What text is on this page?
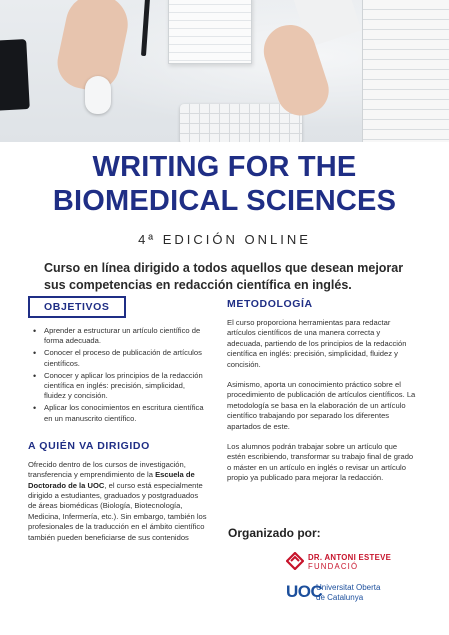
WRITING FOR THE
BIOMEDICAL SCIENCES
4ª EDICIÓN ONLINE

Curso en línea dirigido a todos aquellos que desean mejorar sus competencias en redacción científica en inglés.

OBJETIVOS
• Aprender a estructurar un artículo científico de forma adecuada.
• Conocer el proceso de publicación de artículos científicos.
• Conocer y aplicar los principios de la redacción científica en inglés: precisión, simplicidad, fluidez y concisión.
• Aplicar los conocimientos en escritura científica en un manuscrito científico.
A QUIÉN VA DIRIGIDO

Ofrecido dentro de los cursos de investigación, transferencia y emprendimiento de la Escuela de Doctorado de la UOC, el curso está especialmente dirigido a estudiantes, graduados y postgraduados de áreas biomédicas (Biología, Biotecnología, Medicina, Infermería, etc.). Sin embargo, también los profesionales de la traducción en el ámbito científico también pueden beneficiarse de sus contenidos

METODOLOGÍA

El curso proporciona herramientas para redactar artículos científicos de una manera correcta y adecuada, partiendo de los principios de la redacción científica en inglés: precisión, simplicidad, fluidez y concisión.

Asimismo, aporta un conocimiento práctico sobre el procedimiento de publicación de artículos científicos. La metodología se basa en la elaboración de un artículo científico trabajando por separado los diferentes apartados de este.

Los alumnos podrán trabajar sobre un artículo que estén escribiendo, transformar su trabajo final de grado o máster en un artículo en inglés o revisar un artículo propio ya publicado para mejorar la redacción.

Organizado por:
DR. ANTONI ESTEVE
FUNDACIÓ
UOC
Universitat Oberta
de Catalunya
